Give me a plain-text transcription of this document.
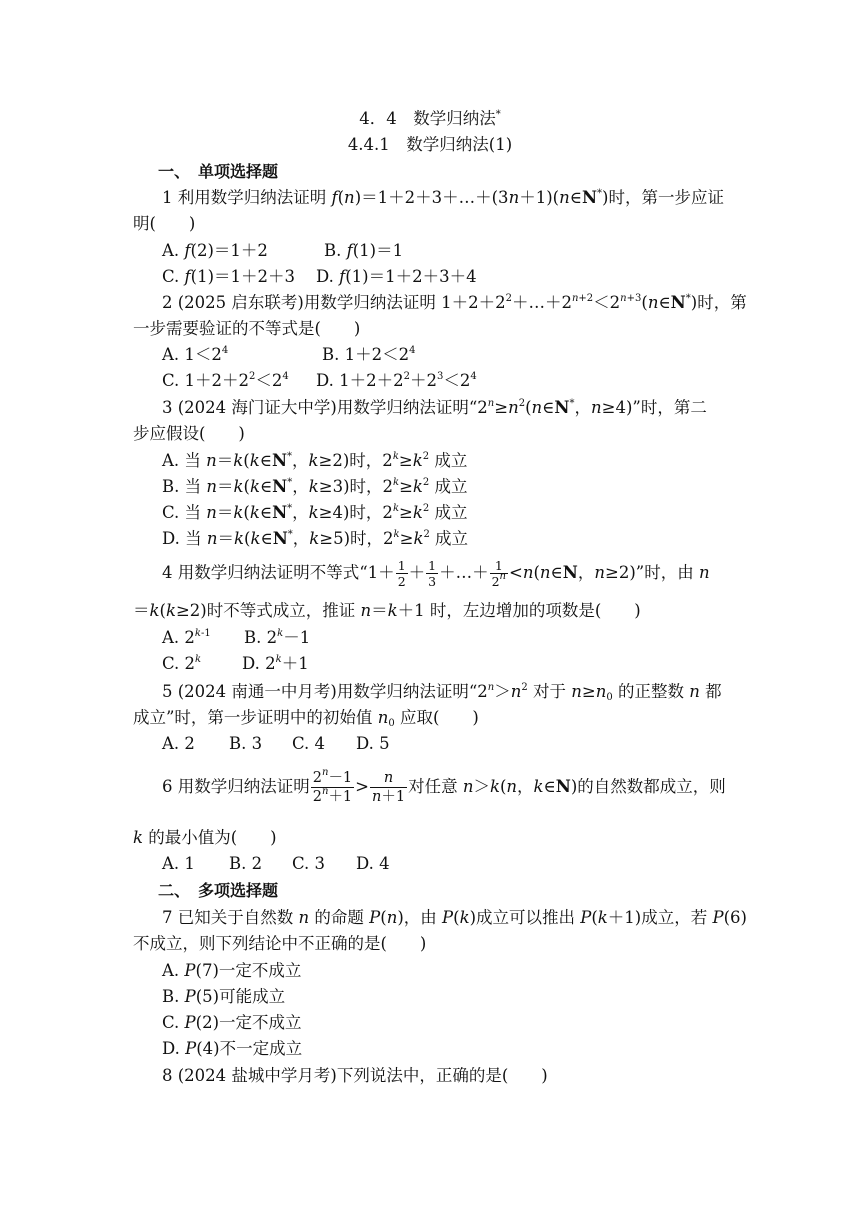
4．4　数学归纳法*
4.4.1　数学归纳法(1)
一、　单项选择题
1 利用数学归纳法证明 f(n)＝1＋2＋3＋…＋(3n＋1)(n∈N*)时，第一步应证
明(　　)
A. f(2)＝1＋2	B. f(1)＝1
C. f(1)＝1＋2＋3 D. f(1)＝1＋2＋3＋4
2 (2025 启东联考)用数学归纳法证明 $1+2+2^2+\dots+2^{n+2}<2^{n+3}(n\in N^*)$时，第
一步需要验证的不等式是(　　)
A. $1<2^4$	B. $1+2<2^4$
C. $1+2+2^2<2^4$ D. $1+2+2^2+2^3<2^4$
3 (2024 海门证大中学)用数学归纳法证明“$2^n\ge n^2(n\in N^*$，n≥4)”时，第二
步应假设(　　)
A. 当 n＝k(k∈N*，k≥2)时，$2^k\ge k^2$ 成立
B. 当 n＝k(k∈N*，k≥3)时，$2^k\ge k^2$ 成立
C. 当 n＝k(k∈N*，k≥4)时，$2^k\ge k^2$ 成立
D. 当 n＝k(k∈N*，k≥5)时，$2^k\ge k^2$ 成立
4 用数学归纳法证明不等式“$1+ \frac{1}{2} + \frac{1}{3}$ ＋…＋ $\frac{1}{2^n}$ <n(n∈N，n≥2)”时，由 n
＝k(k≥2)时不等式成立，推证 n＝k＋1 时，左边增加的项数是(　　)
A. 2$^{k-1}$ B. $2^k-1$
C. 2$^k$ D. $2^k+1$
5 (2024 南通一中月考)用数学归纳法证明“$2^n>n^2$ 对于 $n\ge n_0$ 的正整数 n 都
成立”时，第一步证明中的初始值 $n_0$ 应取(　　)
A. 2 B. 3 C. 4 D. 5
6 用数学归纳法证明 $\frac{2^n-1}{2^n+1} > \frac{n}{n+1}$ 对任意 n＞k(n，k∈N)的自然数都成立，则
k 的最小值为(　　)
A. 1 B. 2 C. 3 D. 4
二、　多项选择题
7 已知关于自然数 n 的命题 P(n)，由 P(k)成立可以推出 P(k＋1)成立，若 P(6)
不成立，则下列结论中不正确的是(　　)
A. P(7)一定不成立
B. P(5)可能成立
C. P(2)一定不成立
D. P(4)不一定成立
8 (2024 盐城中学月考)下列说法中，正确的是(　　)
